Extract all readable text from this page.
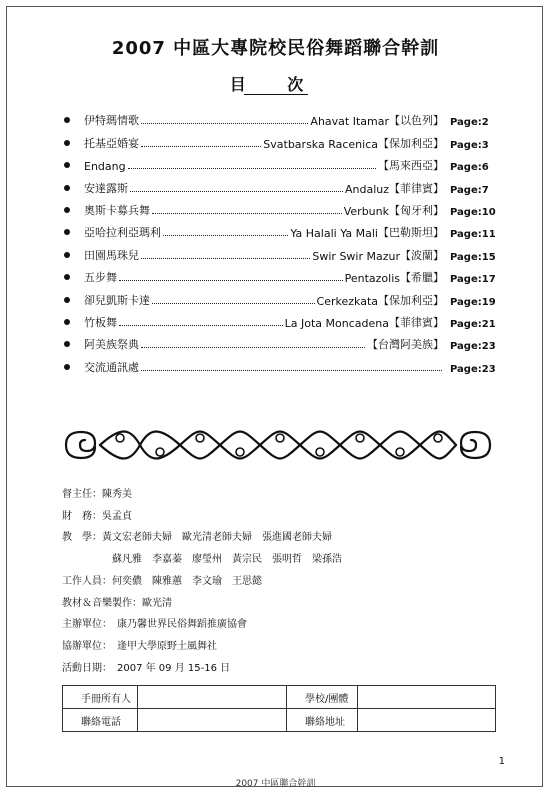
2007 中區大專院校民俗舞蹈聯合幹訓
目 次
伊特瑪情歌	Ahavat Itamar 【以色列】 Page:2
托基亞婚宴	Svatbarska Racenica 【保加利亞】 Page:3
Endang	【馬來西亞】 Page:6
安達露斯	Andaluz 【菲律賓】 Page:7
奧斯卡募兵舞	Verbunk 【匈牙利】 Page:10
亞哈拉利亞瑪利	Ya Halali Ya Mali 【巴勒斯坦】 Page:11
田園馬珠兒	Swir Swir Mazur 【波蘭】 Page:15
五步舞	Pentazolis 【希臘】 Page:17
卻兒凱斯卡達	Cerkezkata 【保加利亞】 Page:19
竹板舞	La Jota Moncadena 【菲律賓】 Page:21
阿美族祭典	【台灣阿美族】 Page:23
交流通訊處	Page:23
督主任：陳秀美
財　務：吳孟貞
教　學：黃文宏老師夫婦　歐光清老師夫婦　張進國老師夫婦
蘇凡雅　李嘉蓁　廖瑩州　黃宗民　張明哲　梁孫浩
工作人員：何奕儂　陳雅蕙　李文瑜　王思懿
教材＆音樂製作：歐光清
主辦單位：　康乃馨世界民俗舞蹈推廣協會
協辦單位：　逢甲大學原野土風舞社
活動日期：　2007 年 09 月 15-16 日
手冊所有人		學校/團體	
聯絡電話		聯絡地址	
1
2007 中區聯合幹訓
